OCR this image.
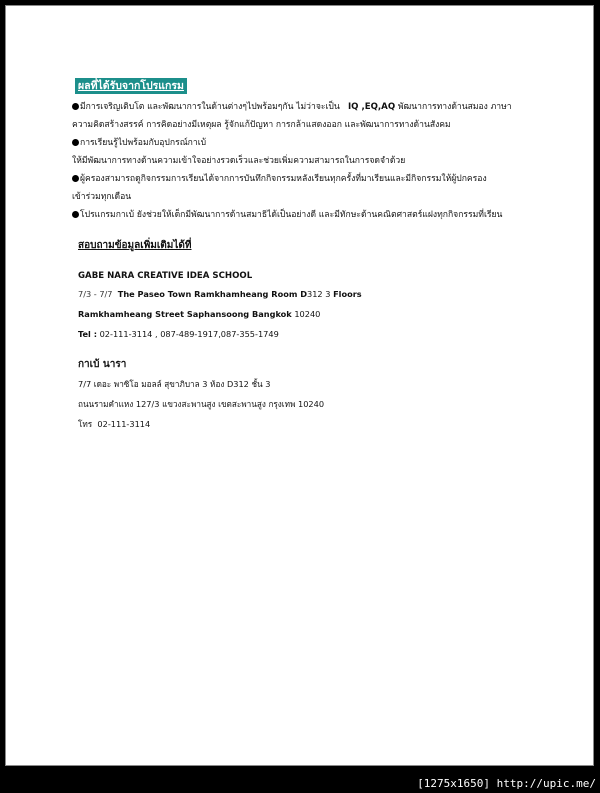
ผลที่ได้รับจากโปรแกรม
มีการเจริญเติบโต และพัฒนาการในด้านต่างๆไปพร้อมๆกัน ไม่ว่าจะเป็น IQ ,EQ,AQ พัฒนาการทางด้านสมอง ภาษา
ความคิดสร้างสรรค์ การคิดอย่างมีเหตุผล รู้จักแก้ปัญหา การกล้าแสดงออก และพัฒนาการทางด้านสังคม
การเรียนรู้ไปพร้อมกับอุปกรณ์กาเบ้
ให้มีพัฒนาการทางด้านความเข้าใจอย่างรวดเร็วและช่วยเพิ่มความสามารถในการจดจำด้วย
ผู้ครองสามารถดูกิจกรรมการเรียนได้จากการบันทึกกิจกรรมหลังเรียนทุกครั้งที่มาเรียนและมีกิจกรรมให้ผู้ปกครอง
เข้าร่วมทุกเดือน
โปรแกรมกาเบ้ ยังช่วยให้เด็กมีพัฒนาการด้านสมาธิได้เป็นอย่างดี และมีทักษะด้านคณิตศาสตร์แฝงทุกกิจกรรมที่เรียน
สอบถามข้อมูลเพิ่มเติมได้ที่
GABE NARA CREATIVE IDEA SCHOOL
7/3 - 7/7 The Paseo Town Ramkhamheang Room D312 3 Floors
Ramkhamheang Street Saphansoong Bangkok 10240
Tel : 02-111-3114 , 087-489-1917,087-355-1749
กาเบ้ นารา
7/7 เดอะ พาซิโอ มอลล์ สุขาภิบาล 3 ห้อง D312 ชั้น 3
ถนนรามคำแหง 127/3 แขวงสะพานสูง เขตสะพานสูง กรุงเทพ 10240
โทร 02-111-3114
[1275x1650] http://upic.me/
